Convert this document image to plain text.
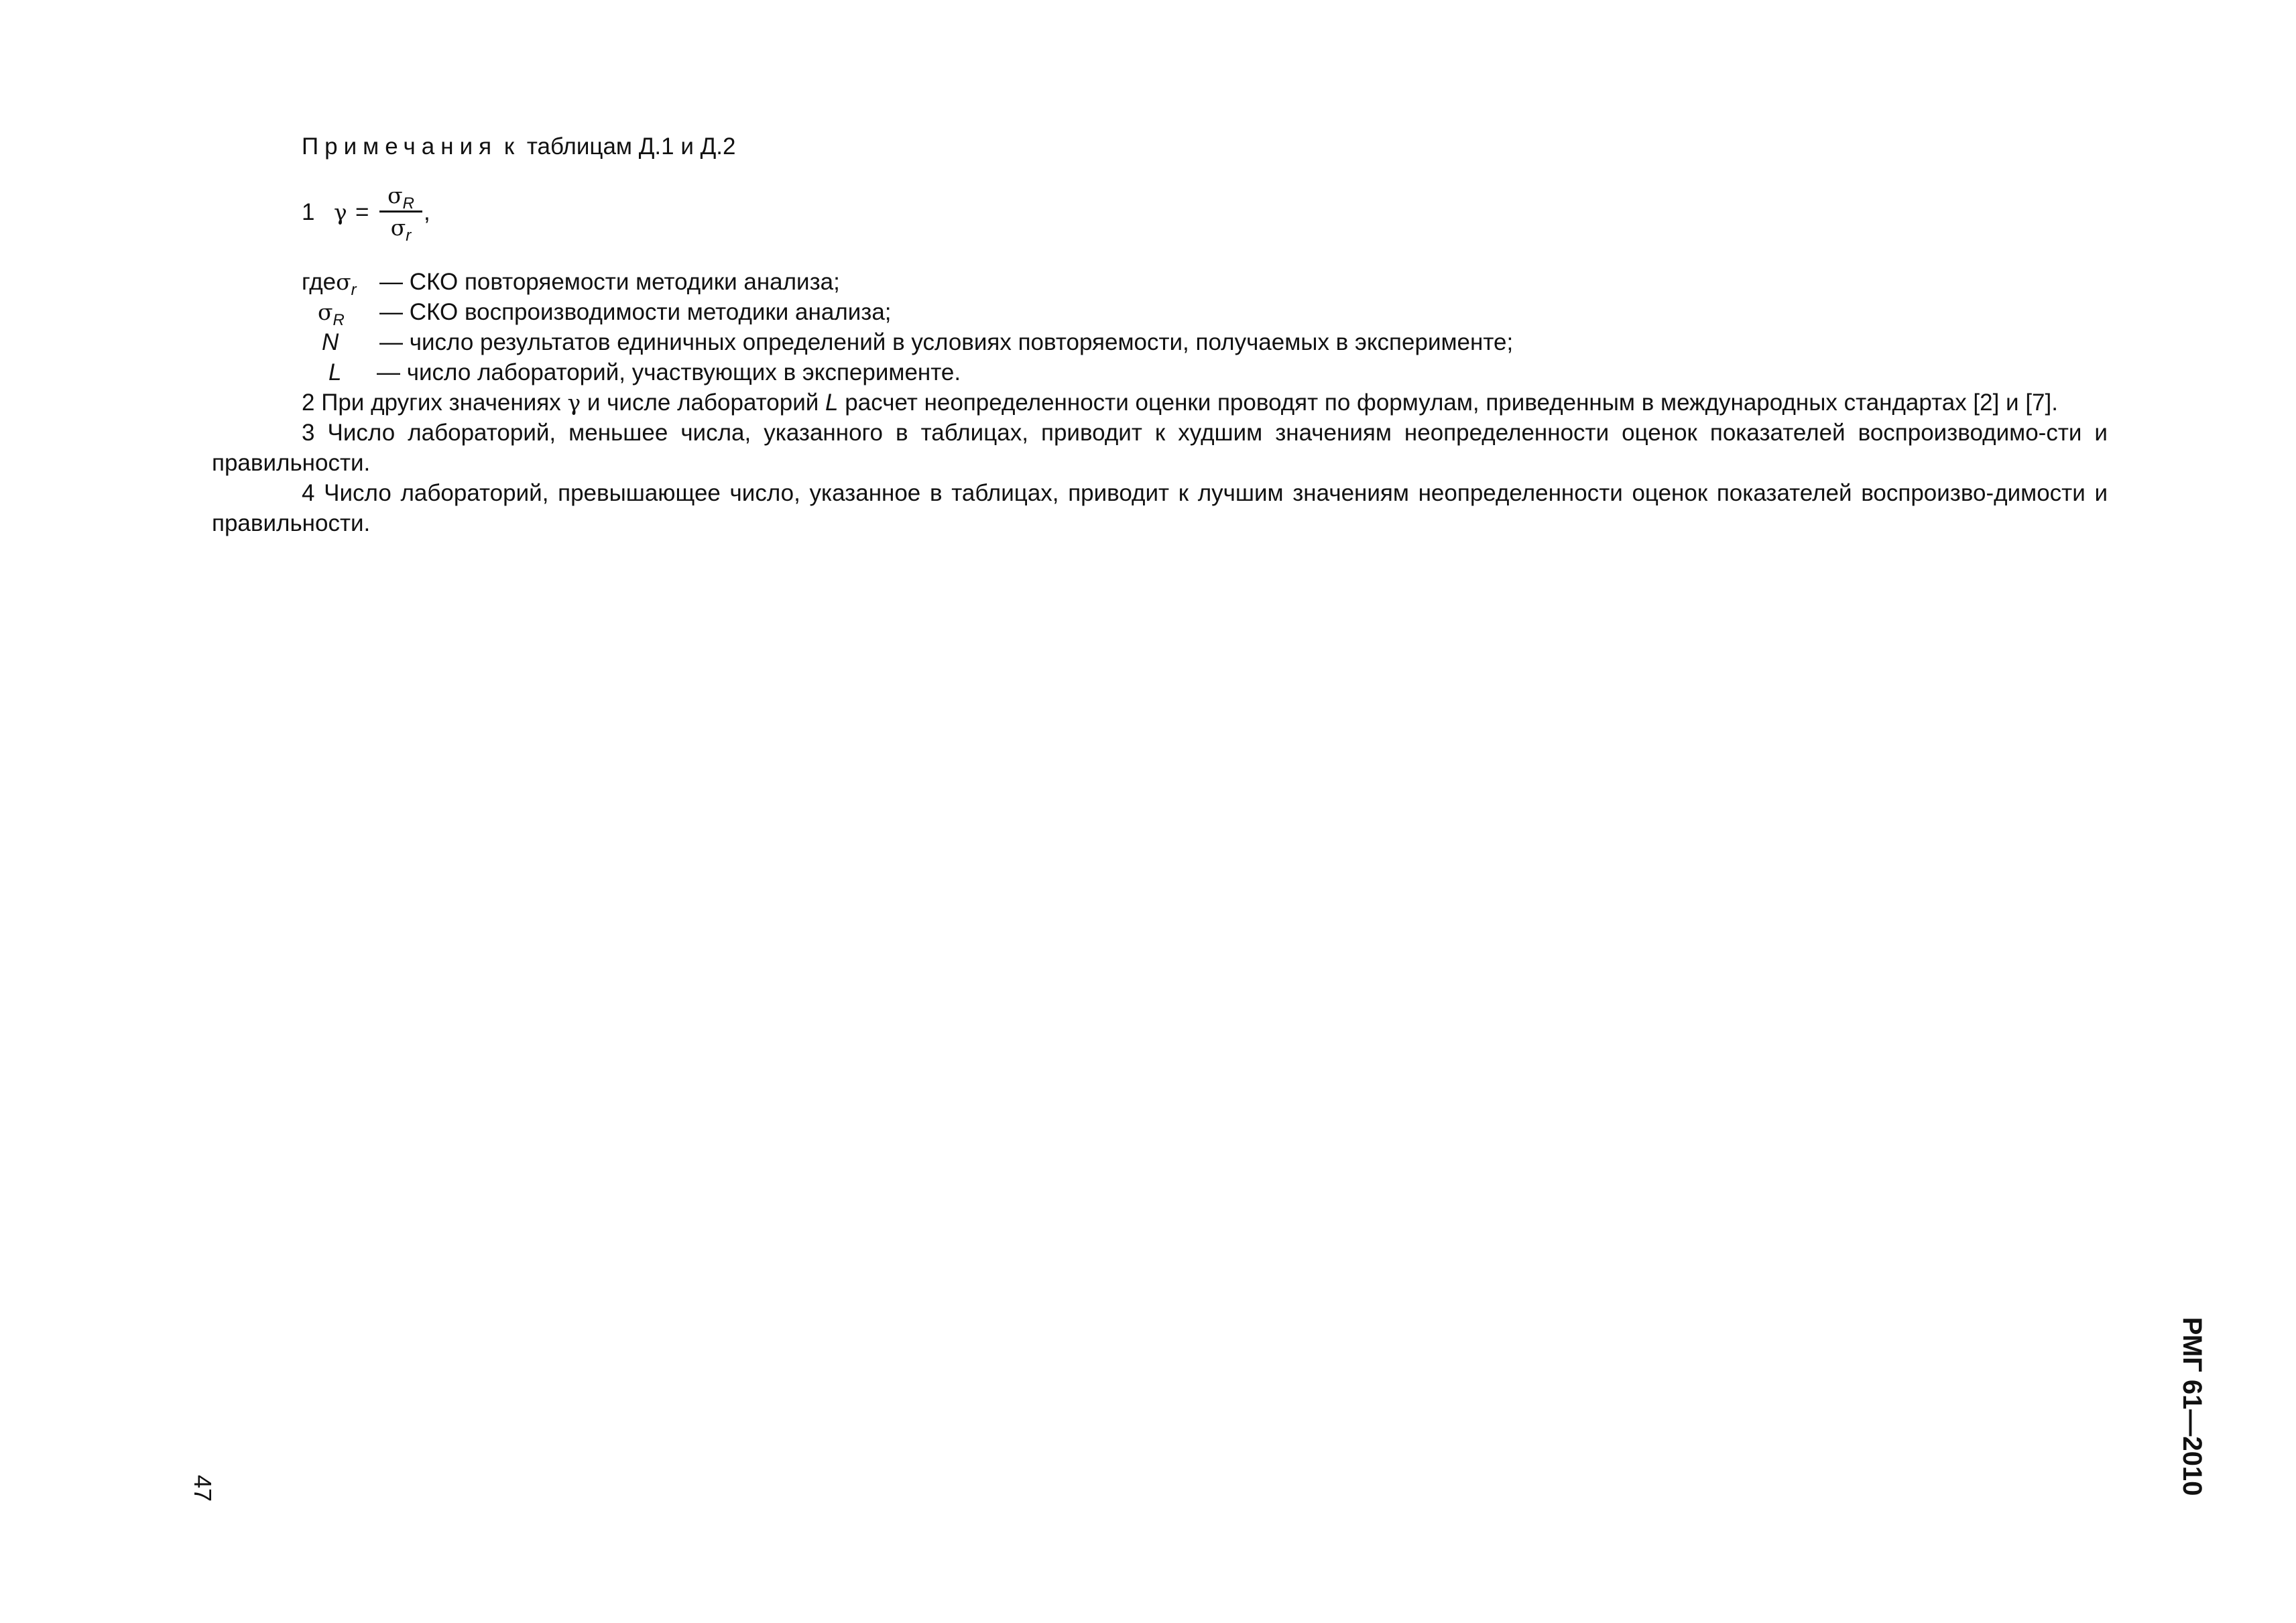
Примечания к таблицам Д.1 и Д.2
1 $\gamma = \frac{\sigma_R}{\sigma_r}$ ,
гдеσ$_r$ — СКО повторяемости методики анализа;
$\sigma_R$ — СКО воспроизводимости методики анализа;
N — число результатов единичных определений в условиях повторяемости, получаемых в эксперименте;
L — число лабораторий, участвующих в эксперименте.

2 При других значениях γ и числе лабораторий L расчет неопределенности оценки проводят по формулам, приведенным в международных стандартах [2] и [7].

3 Число лабораторий, меньшее числа, указанного в таблицах, приводит к худшим значениям неопределенности оценок показателей воспроизводимо-сти и правильности.

4 Число лабораторий, превышающее число, указанное в таблицах, приводит к лучшим значениям неопределенности оценок показателей воспроизво-димости и правильности.

47	РМГ 61—2010
